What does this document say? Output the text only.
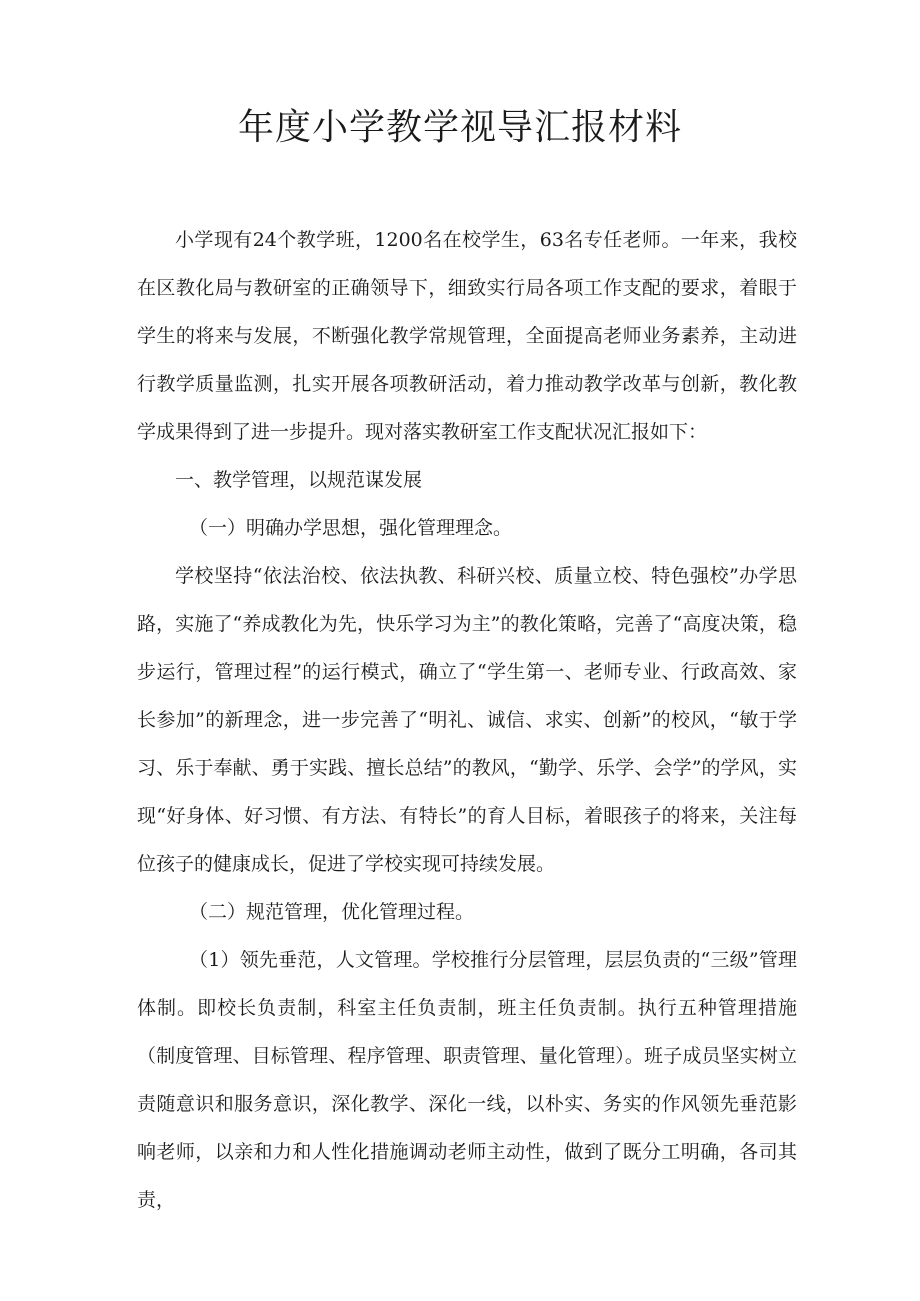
年度小学教学视导汇报材料

小学现有24个教学班，1200名在校学生，63名专任老师。一年来，我校在区教化局与教研室的正确领导下，细致实行局各项工作支配的要求，着眼于学生的将来与发展，不断强化教学常规管理，全面提高老师业务素养，主动进行教学质量监测，扎实开展各项教研活动，着力推动教学改革与创新，教化教学成果得到了进一步提升。现对落实教研室工作支配状况汇报如下：

一、教学管理，以规范谋发展

（一）明确办学思想，强化管理理念。

学校坚持“依法治校、依法执教、科研兴校、质量立校、特色强校”办学思路，实施了“养成教化为先，快乐学习为主”的教化策略，完善了“高度决策，稳步运行，管理过程”的运行模式，确立了“学生第一、老师专业、行政高效、家长参加”的新理念，进一步完善了“明礼、诚信、求实、创新”的校风，“敏于学习、乐于奉献、勇于实践、擅长总结”的教风，“勤学、乐学、会学”的学风，实现“好身体、好习惯、有方法、有特长”的育人目标，着眼孩子的将来，关注每位孩子的健康成长，促进了学校实现可持续发展。

（二）规范管理，优化管理过程。

（1）领先垂范，人文管理。学校推行分层管理，层层负责的“三级”管理体制。即校长负责制，科室主任负责制，班主任负责制。执行五种管理措施（制度管理、目标管理、程序管理、职责管理、量化管理）。班子成员坚实树立责随意识和服务意识，深化教学、深化一线，以朴实、务实的作风领先垂范影响老师，以亲和力和人性化措施调动老师主动性，做到了既分工明确，各司其责，
